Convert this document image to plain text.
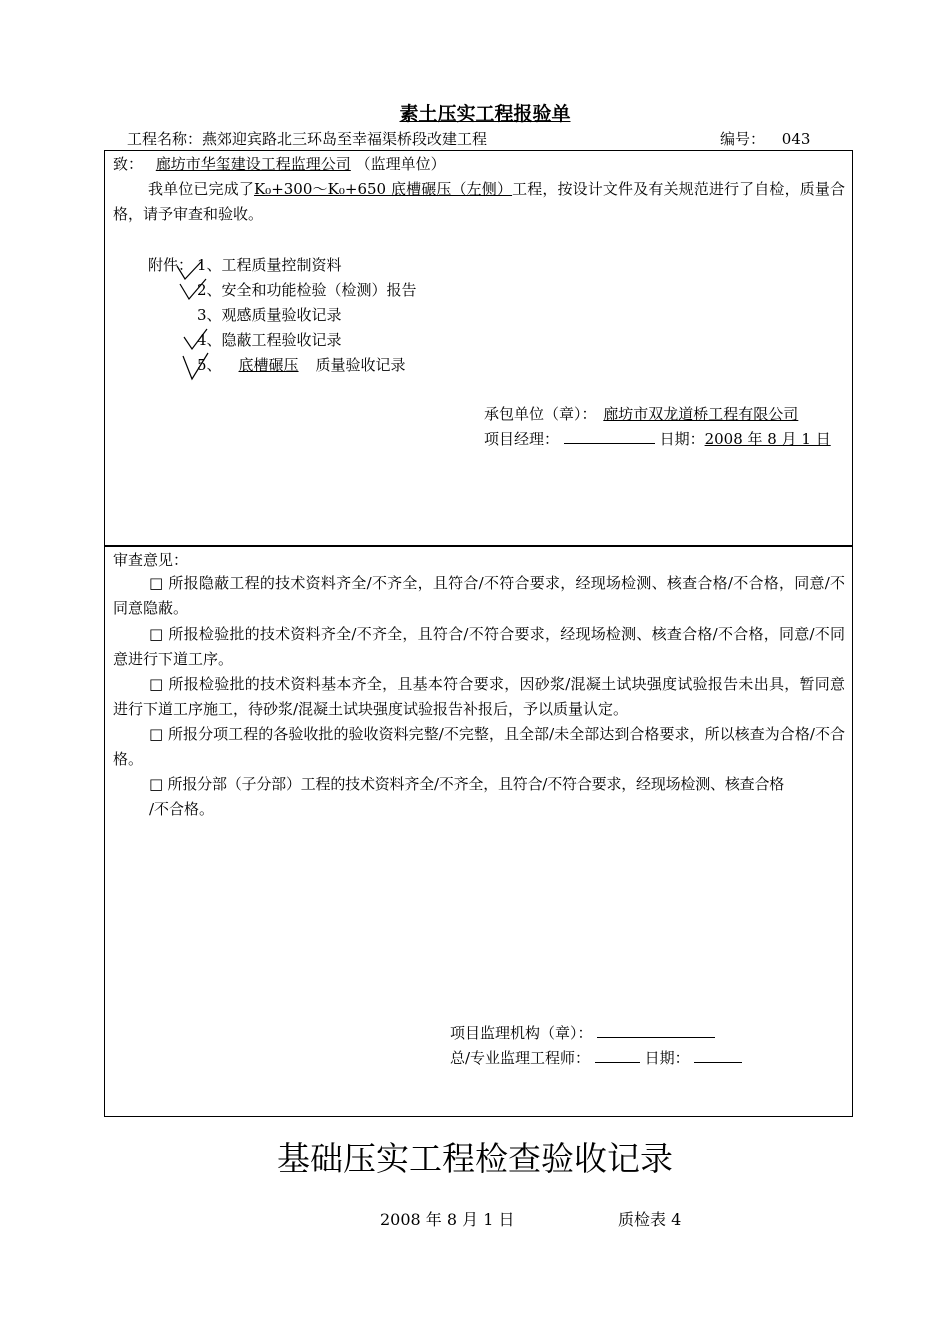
素土压实工程报验单
工程名称：燕郊迎宾路北三环岛至幸福渠桥段改建工程	编号： 043
致： 廊坊市华玺建设工程监理公司 （监理单位）
我单位已完成了K₀+300～K₀+650 底槽碾压（左侧）工程，按设计文件及有关规范进行了自检，质量合格，请予审查和验收。
附件： 1、工程质量控制资料
2、安全和功能检验（检测）报告
3、观感质量验收记录
4、隐蔽工程验收记录
5、 底槽碾压 质量验收记录
承包单位（章）： 廊坊市双龙道桥工程有限公司
项目经理：	日期：2008 年 8 月 1 日
审查意见：
□ 所报隐蔽工程的技术资料齐全/不齐全，且符合/不符合要求，经现场检测、核查合格/不合格，同意/不同意隐蔽。
□ 所报检验批的技术资料齐全/不齐全，且符合/不符合要求，经现场检测、核查合格/不合格，同意/不同意进行下道工序。
□ 所报检验批的技术资料基本齐全，且基本符合要求，因砂浆/混凝土试块强度试验报告未出具，暂同意进行下道工序施工，待砂浆/混凝土试块强度试验报告补报后，予以质量认定。
□ 所报分项工程的各验收批的验收资料完整/不完整，且全部/未全部达到合格要求，所以核查为合格/不合格。
□ 所报分部（子分部）工程的技术资料齐全/不齐全，且符合/不符合要求，经现场检测、核查合格
/不合格。
项目监理机构（章）：
总/专业监理工程师：	日期：
基础压实工程检查验收记录
2008 年 8 月 1 日	质检表 4
